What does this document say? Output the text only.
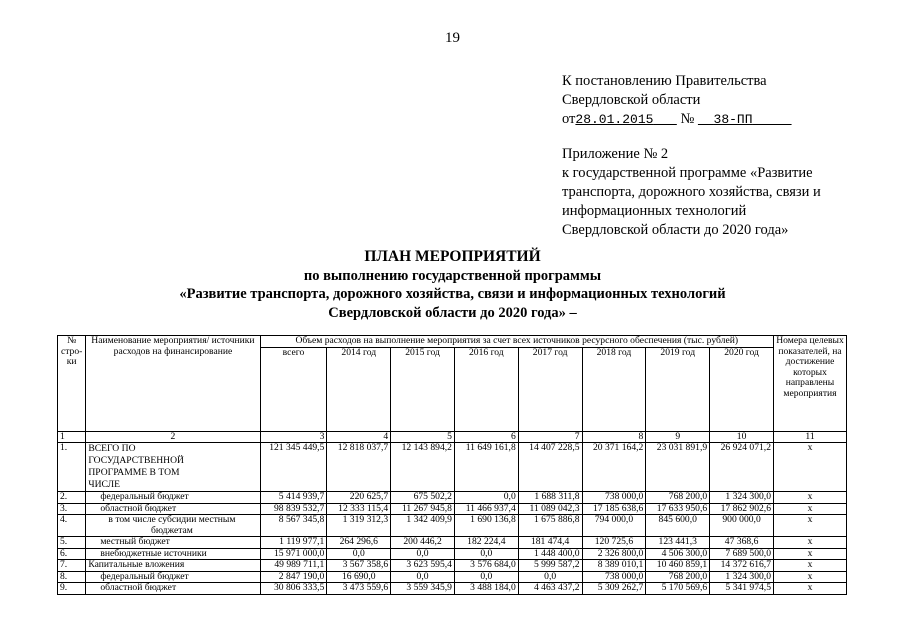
19
К постановлению Правительства
Свердловской области
от28.01.2015 № 38-ПП
Приложение № 2
к государственной программе «Развитие
транспорта, дорожного хозяйства, связи и
информационных технологий
Свердловской области до 2020 года»
ПЛАН МЕРОПРИЯТИЙ
по выполнению государственной программы
«Развитие транспорта, дорожного хозяйства, связи и информационных технологий
Свердловской области до 2020 года» –
№ стро- ки	Наименование мероприятия/ источники расходов на финансирование	Объем расходов на выполнение мероприятия за счет всех источников ресурсного обеспечения (тыс. рублей)								Номера целевых показателей, на достижение которых направлены мероприятия
		всего	2014 год	2015 год	2016 год	2017 год	2018 год	2019 год	2020 год	
1	2	3	4	5	6	7	8	9	10	11
1.	ВСЕГО ПО ГОСУДАРСТВЕННОЙ ПРОГРАММЕ В ТОМ ЧИСЛЕ	121 345 449,5	12 818 037,7	12 143 894,2	11 649 161,8	14 407 228,5	20 371 164,2	23 031 891,9	26 924 071,2	х
2.	федеральный бюджет	5 414 939,7	220 625,7	675 502,2	0,0	1 688 311,8	738 000,0	768 200,0	1 324 300,0	х
3.	областной бюджет	98 839 532,7	12 333 115,4	11 267 945,8	11 466 937,4	11 089 042,3	17 185 638,6	17 633 950,6	17 862 902,6	х
4.	в том числе субсидии местным бюджетам	8 567 345,8	1 319 312,3	1 342 409,9	1 690 136,8	1 675 886,8	794 000,0	845 600,0	900 000,0	х
5.	местный бюджет	1 119 977,1	264 296,6	200 446,2	182 224,4	181 474,4	120 725,6	123 441,3	47 368,6	х
6.	внебюджетные источники	15 971 000,0	0,0	0,0	0,0	1 448 400,0	2 326 800,0	4 506 300,0	7 689 500,0	х
7.	Капитальные вложения	49 989 711,1	3 567 358,6	3 623 595,4	3 576 684,0	5 999 587,2	8 389 010,1	10 460 859,1	14 372 616,7	х
8.	федеральный бюджет	2 847 190,0	16 690,0	0,0	0,0	0,0	738 000,0	768 200,0	1 324 300,0	х
9.	областной бюджет	30 806 333,5	3 473 559,6	3 559 345,9	3 488 184,0	4 463 437,2	5 309 262,7	5 170 569,6	5 341 974,5	х
